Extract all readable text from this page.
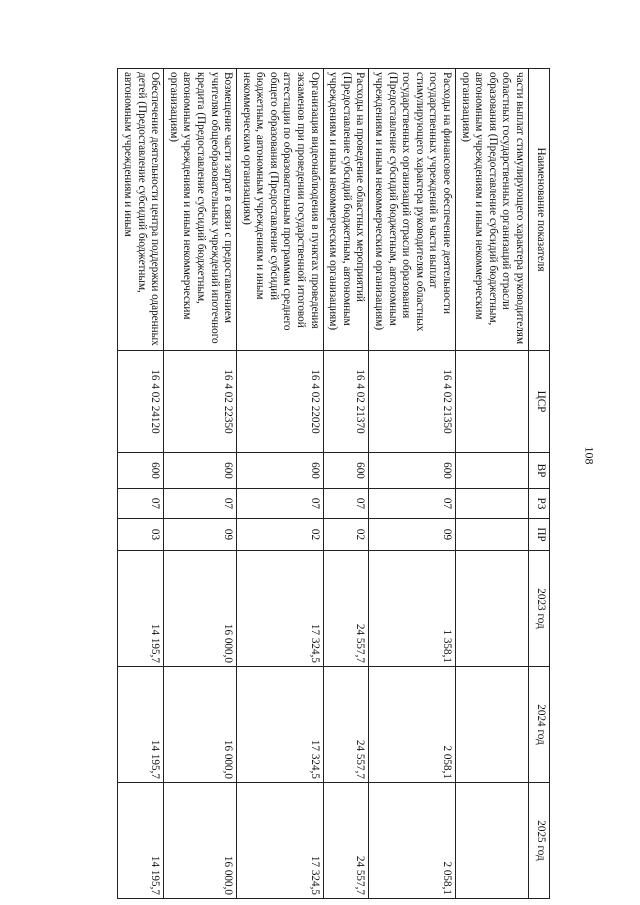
108
Наименование показателя	ЦСР	ВР	РЗ	ПР	2023 год	2024 год	2025 год
части выплат стимулирующего характера руководителям областных государственных организаций отрасли образования (Предоставление субсидий бюджетным, автономным учреждениям и иным некоммерческим организациям)							
Расходы на финансовое обеспечение деятельности государственных учреждений в части выплат стимулирующего характера руководителям областных государственных организаций отрасли образования (Предоставление субсидий бюджетным, автономным учреждениям и иным некоммерческим организациям)	16 4 02 21350	600	07	09	1 358,1	2 058,1	2 058,1
Расходы на проведение областных мероприятий (Предоставление субсидий бюджетным, автономным учреждениям и иным некоммерческим организациям)	16 4 02 21370	600	07	02	24 557,7	24 557,7	24 557,7
Организация видеонаблюдения в пунктах проведения экзаменов при проведении государственной итоговой аттестации по образовательным программам среднего общего образования (Предоставление субсидий бюджетным, автономным учреждениям и иным некоммерческим организациям)	16 4 02 22020	600	07	02	17 324,5	17 324,5	17 324,5
Возмещение части затрат в связи с предоставлением учителям общеобразовательных учреждений ипотечного кредита (Предоставление субсидий бюджетным, автономным учреждениям и иным некоммерческим организациям)	16 4 02 22350	600	07	09	16 000,0	16 000,0	16 000,0
Обеспечение деятельности центра поддержки одаренных детей (Предоставление субсидий бюджетным, автономным учреждениям и иным	16 4 02 24120	600	07	03	14 195,7	14 195,7	14 195,7
